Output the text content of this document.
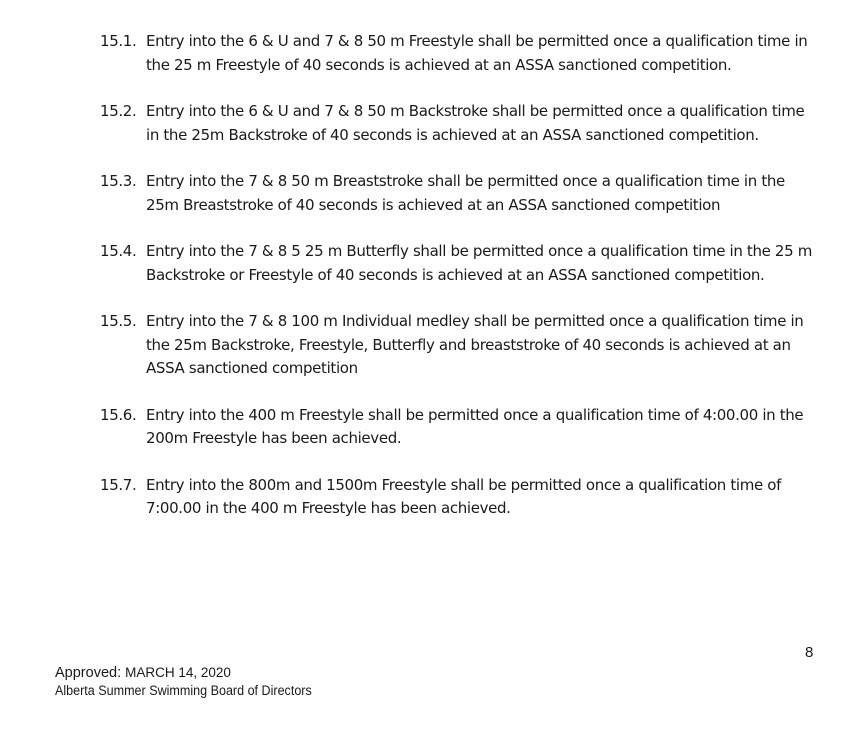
15.1. Entry into the 6 & U and 7 & 8 50 m Freestyle shall be permitted once a qualification time in the 25 m Freestyle of 40 seconds is achieved at an ASSA sanctioned competition.
15.2. Entry into the 6 & U and 7 & 8 50 m Backstroke shall be permitted once a qualification time in the 25m Backstroke of 40 seconds is achieved at an ASSA sanctioned competition.
15.3. Entry into the 7 & 8 50 m Breaststroke shall be permitted once a qualification time in the 25m Breaststroke of 40 seconds is achieved at an ASSA sanctioned competition
15.4. Entry into the 7 & 8 5 25 m Butterfly shall be permitted once a qualification time in the 25 m Backstroke or Freestyle of 40 seconds is achieved at an ASSA sanctioned competition.
15.5. Entry into the 7 & 8 100 m Individual medley shall be permitted once a qualification time in the 25m Backstroke, Freestyle, Butterfly and breaststroke of 40 seconds is achieved at an ASSA sanctioned competition
15.6. Entry into the 400 m Freestyle shall be permitted once a qualification time of 4:00.00 in the 200m Freestyle has been achieved.
15.7. Entry into the 800m and 1500m Freestyle shall be permitted once a qualification time of 7:00.00 in the 400 m Freestyle has been achieved.
8
Approved: MARCH 14, 2020
Alberta Summer Swimming Board of Directors
